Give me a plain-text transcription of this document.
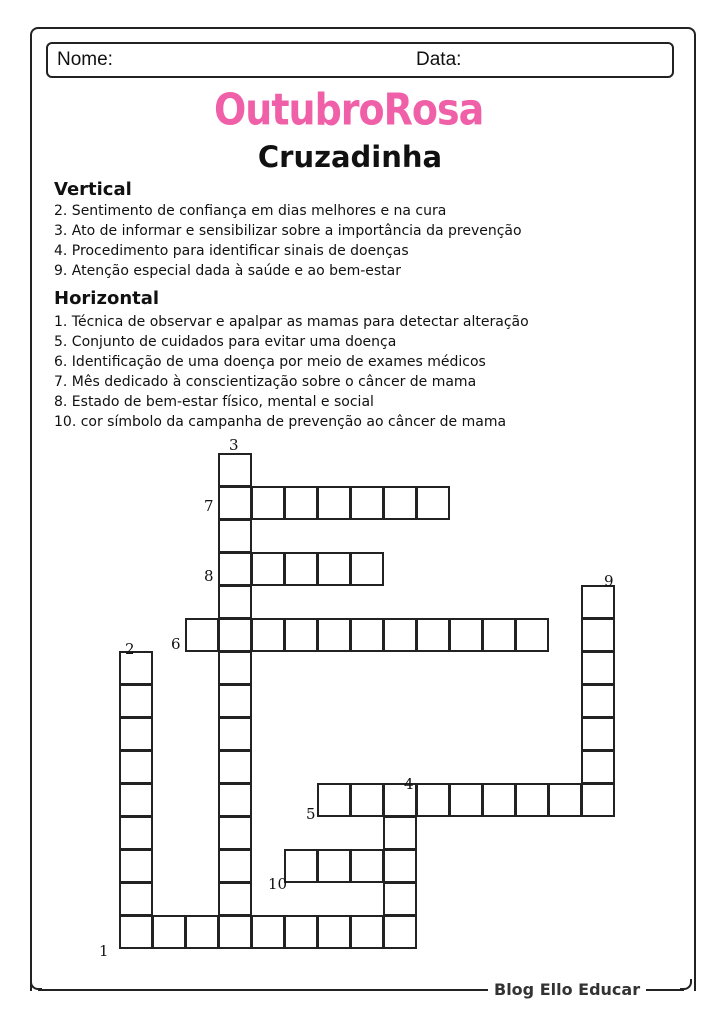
Nome:	Data:
OutubroRosa
Cruzadinha
Vertical
2. Sentimento de confiança em dias melhores e na cura
3. Ato de informar e sensibilizar sobre a importância da prevenção
4. Procedimento para identificar sinais de doenças
9. Atenção especial dada à saúde e ao bem-estar
Horizontal
1. Técnica de observar e apalpar as mamas para detectar alteração
5. Conjunto de cuidados para evitar uma doença
6. Identificação de uma doença por meio de exames médicos
7. Mês dedicado à conscientização sobre o câncer de mama
8. Estado de bem-estar físico, mental e social
10. cor símbolo da campanha de prevenção ao câncer de mama
1
2
3
4
5
6
7
8	9
10
Blog Ello Educar
